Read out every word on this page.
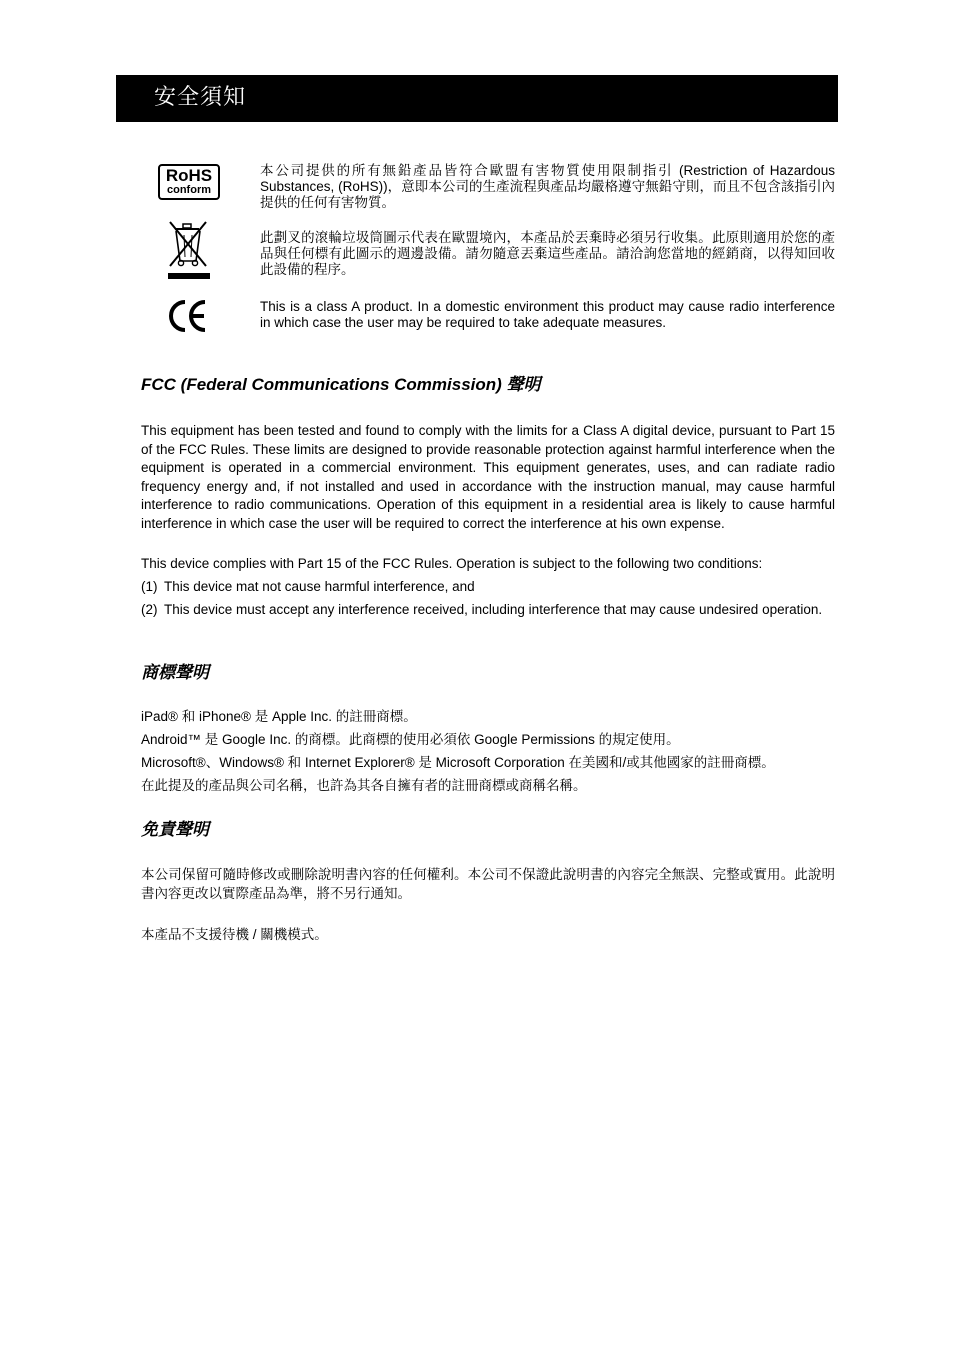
安全須知
RoHS
conform
本公司提供的所有無鉛產品皆符合歐盟有害物質使用限制指引 (Restriction of Hazardous Substances, (RoHS))，意即本公司的生產流程與產品均嚴格遵守無鉛守則，而且不包含該指引內提供的任何有害物質。
此劃叉的滾輪垃圾筒圖示代表在歐盟境內，本產品於丟棄時必須另行收集。此原則適用於您的產品與任何標有此圖示的週邊設備。請勿隨意丟棄這些產品。請洽詢您當地的經銷商，以得知回收此設備的程序。
This is a class A product. In a domestic environment this product may cause radio interference in which case the user may be required to take adequate measures.
FCC (Federal Communications Commission) 聲明
This equipment has been tested and found to comply with the limits for a Class A digital device, pursuant to Part 15 of the FCC Rules. These limits are designed to provide reasonable protection against harmful interference when the equipment is operated in a commercial environment. This equipment generates, uses, and can radiate radio frequency energy and, if not installed and used in accordance with the instruction manual, may cause harmful interference to radio communications. Operation of this equipment in a residential area is likely to cause harmful interference in which case the user will be required to correct the interference at his own expense.
This device complies with Part 15 of the FCC Rules. Operation is subject to the following two conditions:
(1) This device mat not cause harmful interference, and
(2) This device must accept any interference received, including interference that may cause undesired operation.
商標聲明
iPad® 和 iPhone® 是 Apple Inc. 的註冊商標。
Android™ 是 Google Inc. 的商標。此商標的使用必須依 Google Permissions 的規定使用。
Microsoft®、Windows® 和 Internet Explorer® 是 Microsoft Corporation 在美國和/或其他國家的註冊商標。
在此提及的產品與公司名稱，也許為其各自擁有者的註冊商標或商稱名稱。
免責聲明
本公司保留可隨時修改或刪除說明書內容的任何權利。本公司不保證此說明書的內容完全無誤、完整或實用。此說明書內容更改以實際產品為準，將不另行通知。
本產品不支援待機 / 關機模式。
